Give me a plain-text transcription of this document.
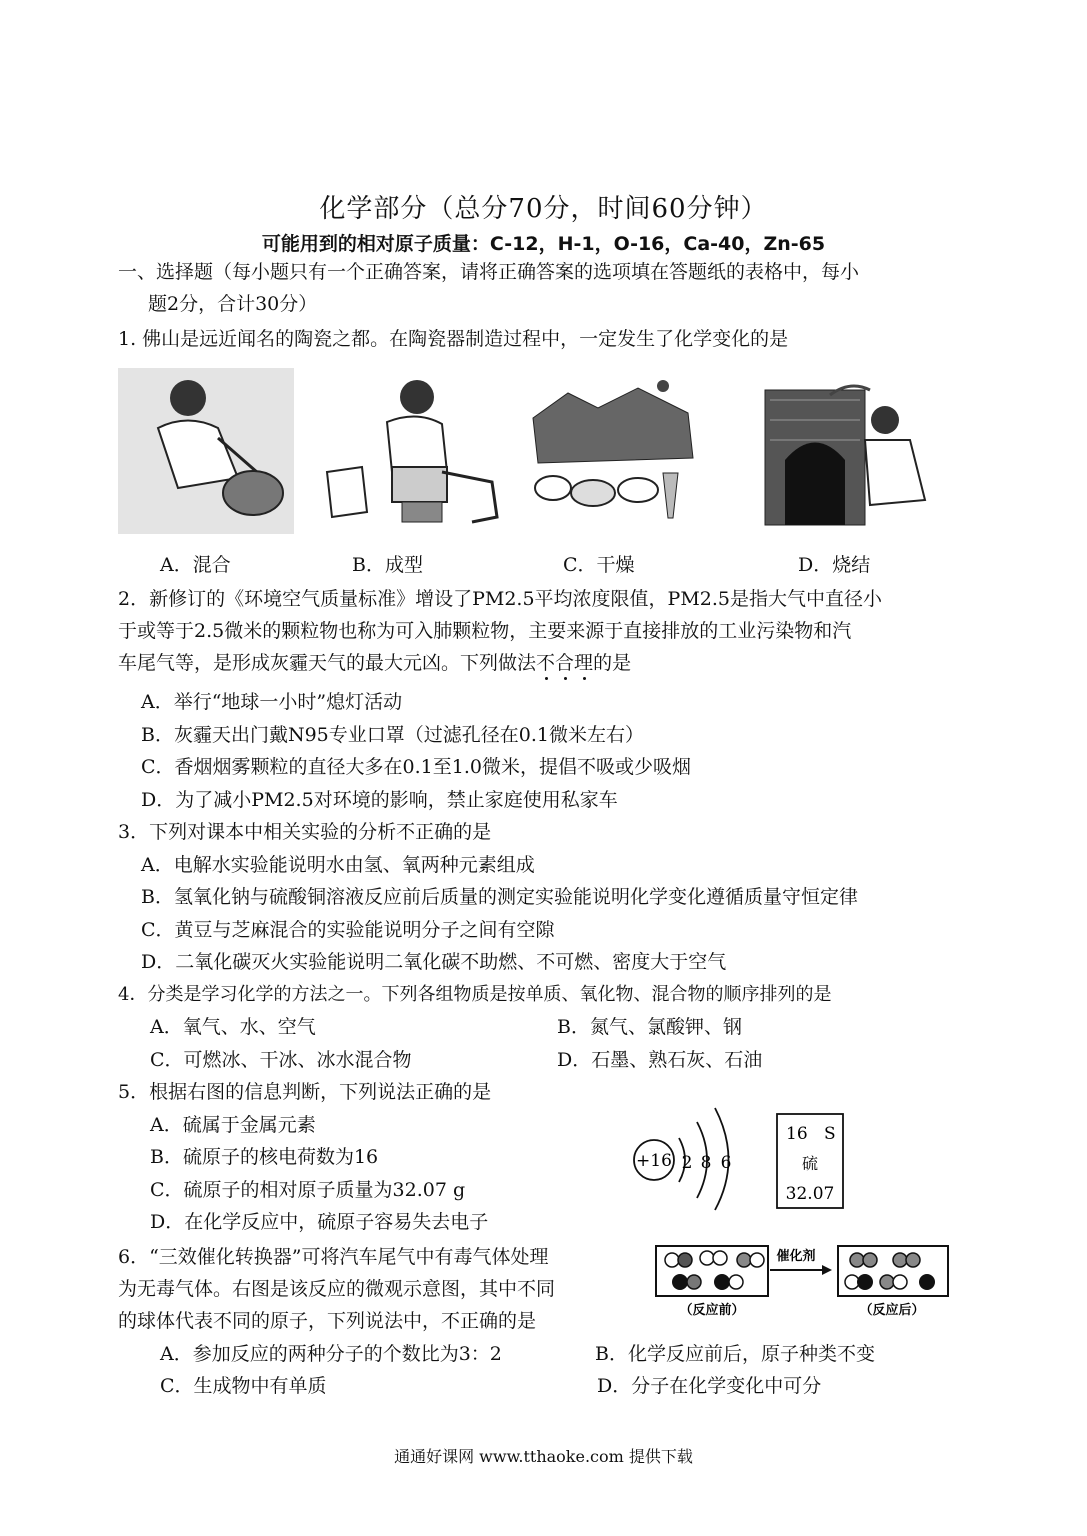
化学部分（总分70分，时间60分钟）
可能用到的相对原子质量：C-12，H-1，O-16，Ca-40，Zn-65
一、选择题（每小题只有一个正确答案，请将正确答案的选项填在答题纸的表格中，每小
题2分，合计30分）
1. 佛山是远近闻名的陶瓷之都。在陶瓷器制造过程中，一定发生了化学变化的是
A．混合	B．成型	C．干燥	D．烧结
2．新修订的《环境空气质量标准》增设了PM2.5平均浓度限值，PM2.5是指大气中直径小
于或等于2.5微米的颗粒物也称为可入肺颗粒物，主要来源于直接排放的工业污染物和汽
车尾气等，是形成灰霾天气的最大元凶。下列做法不合理的是
A．举行“地球一小时”熄灯活动
B．灰霾天出门戴N95专业口罩（过滤孔径在0.1微米左右）
C．香烟烟雾颗粒的直径大多在0.1至1.0微米，提倡不吸或少吸烟
D．为了减小PM2.5对环境的影响，禁止家庭使用私家车
3．下列对课本中相关实验的分析不正确的是
A．电解水实验能说明水由氢、氧两种元素组成
B．氢氧化钠与硫酸铜溶液反应前后质量的测定实验能说明化学变化遵循质量守恒定律
C．黄豆与芝麻混合的实验能说明分子之间有空隙
D．二氧化碳灭火实验能说明二氧化碳不助燃、不可燃、密度大于空气
4．分类是学习化学的方法之一。下列各组物质是按单质、氧化物、混合物的顺序排列的是
A．氧气、水、空气	B．氮气、氯酸钾、钢
C．可燃冰、干冰、冰水混合物	D．石墨、熟石灰、石油
5．根据右图的信息判断，下列说法正确的是
A．硫属于金属元素
B．硫原子的核电荷数为16
C．硫原子的相对原子质量为32.07 g
D．在化学反应中，硫原子容易失去电子
+16 2 8 6
16 S
硫
32.07
6．“三效催化转换器”可将汽车尾气中有毒气体处理
为无毒气体。右图是该反应的微观示意图，其中不同
的球体代表不同的原子，下列说法中，不正确的是
催化剂
（反应前）	（反应后）
A．参加反应的两种分子的个数比为3：2	B．化学反应前后，原子种类不变
C．生成物中有单质	D．分子在化学变化中可分
通通好课网 www.tthaoke.com 提供下载
